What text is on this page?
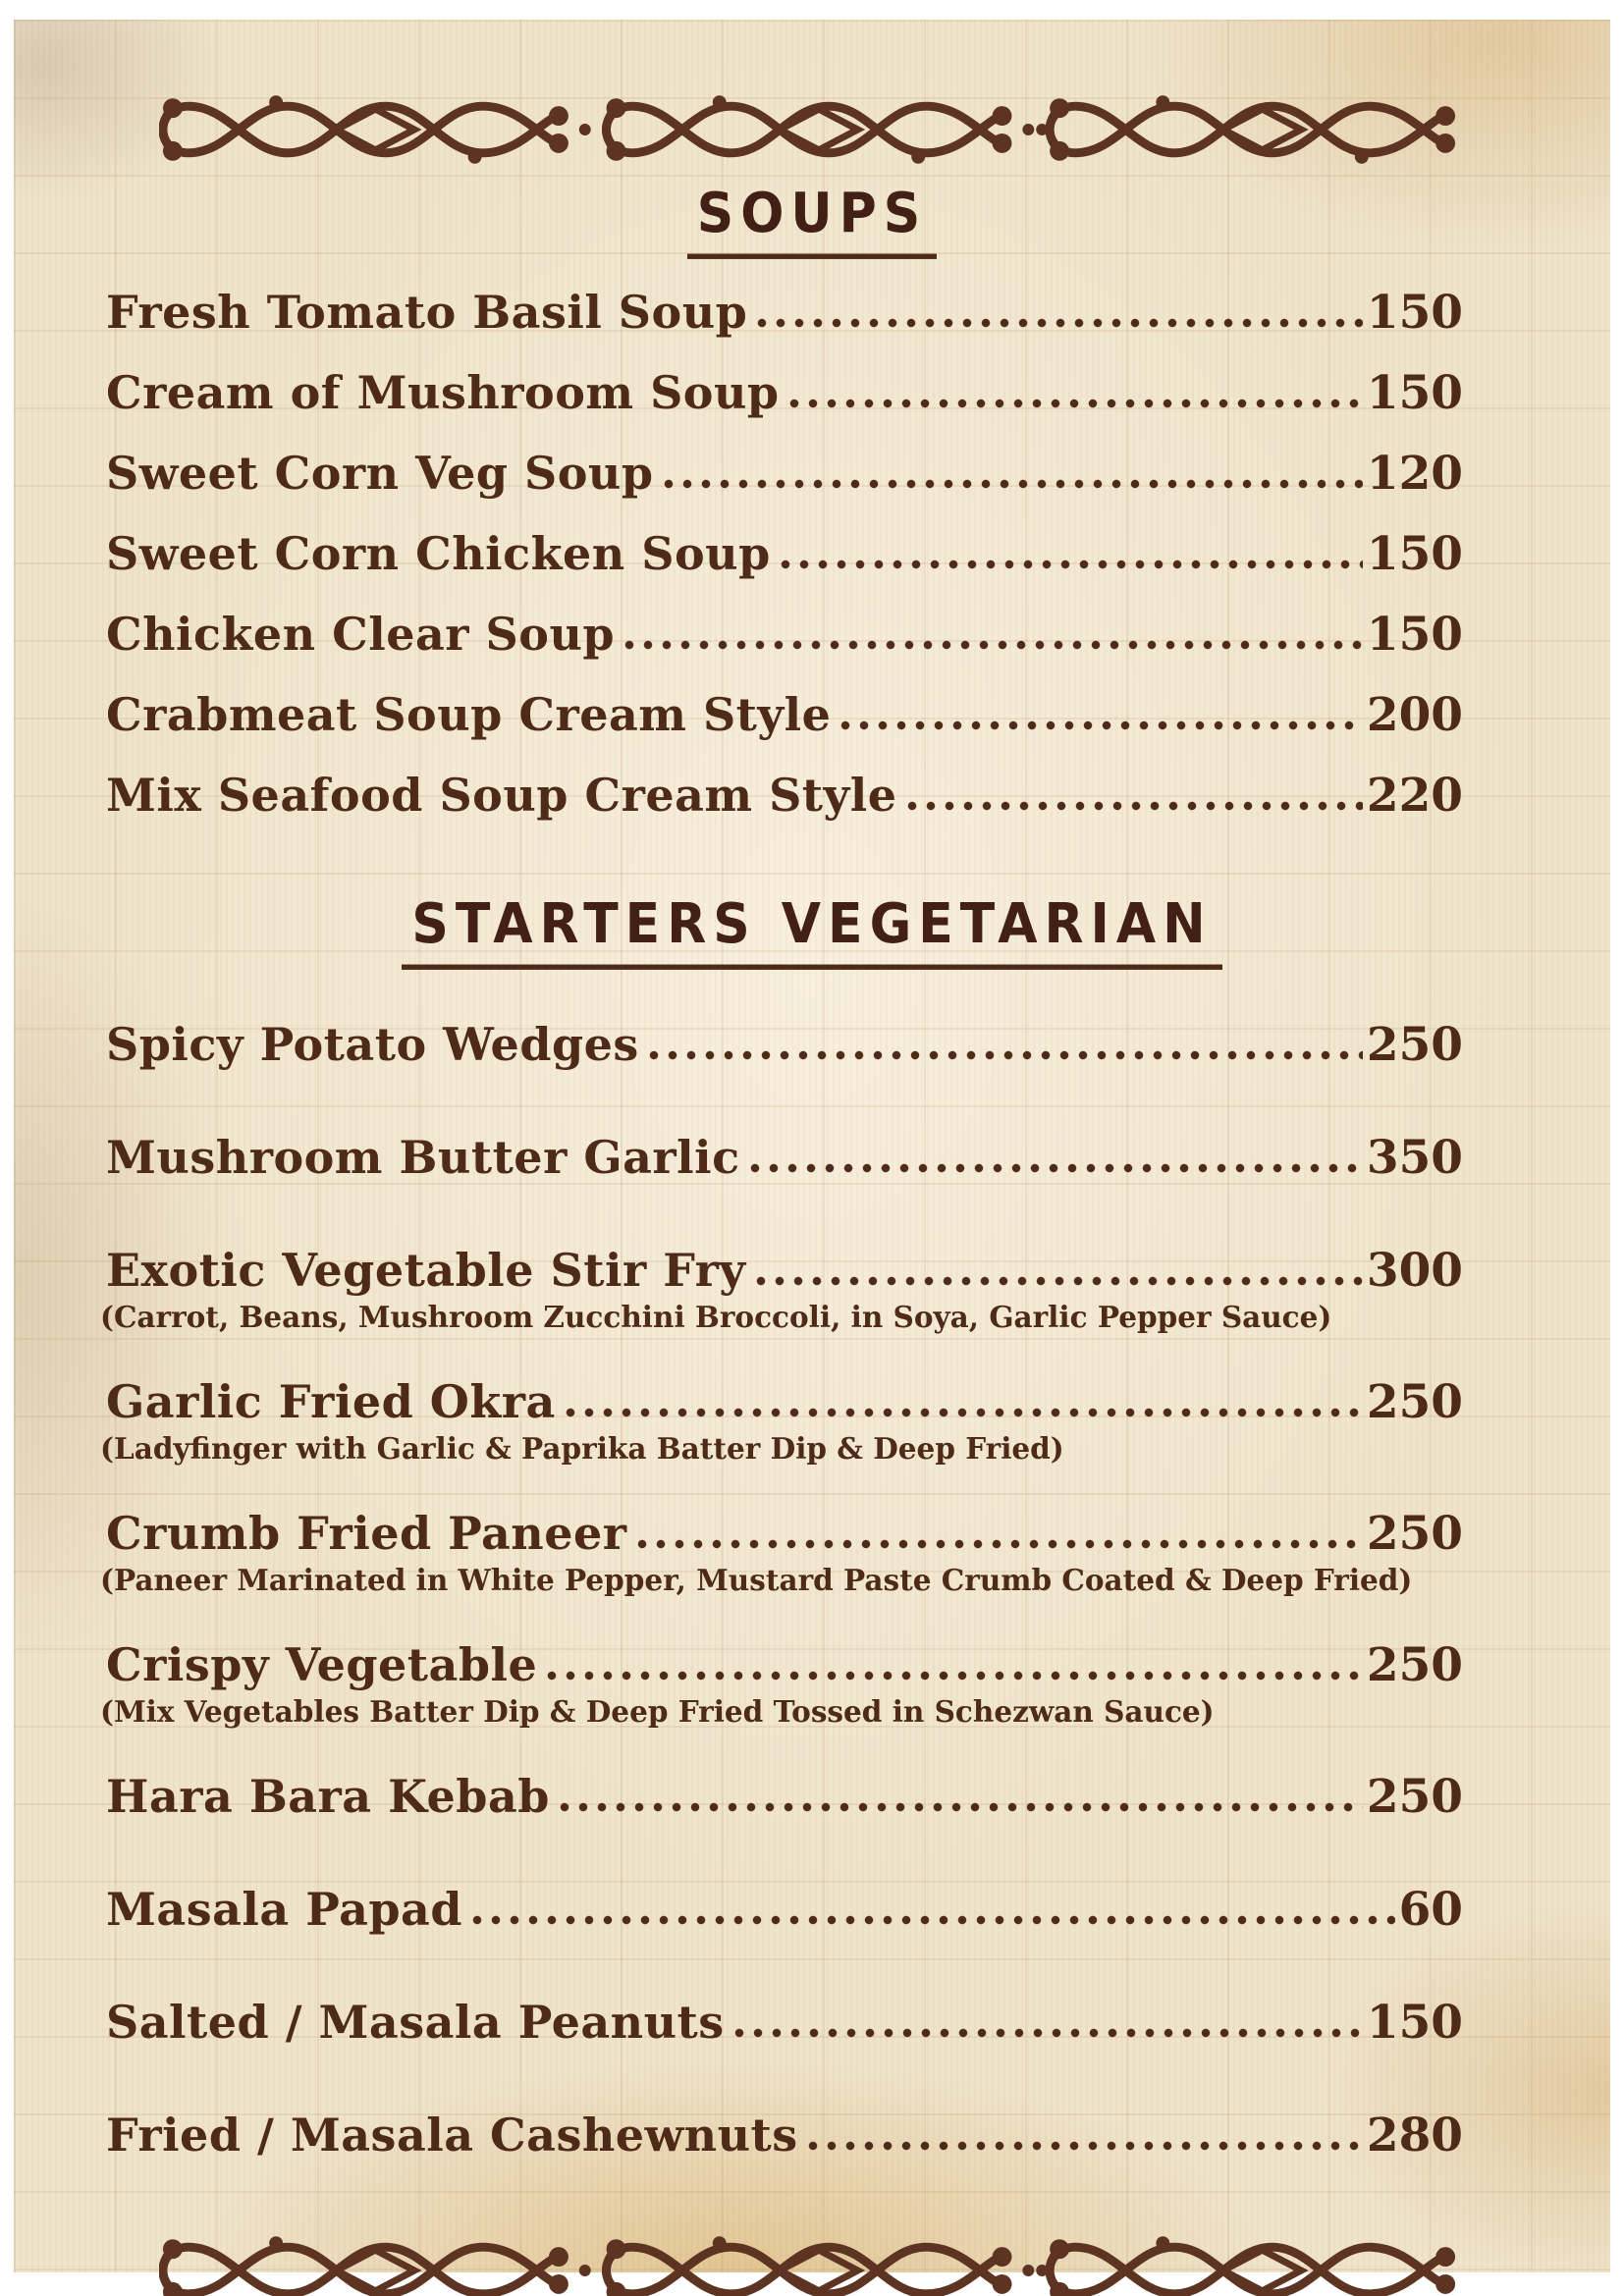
SOUPS
Fresh Tomato Basil Soup	150
Cream of Mushroom Soup	150
Sweet Corn Veg Soup	120
Sweet Corn Chicken Soup	150
Chicken Clear Soup	150
Crabmeat Soup Cream Style	200
Mix Seafood Soup Cream Style	220
STARTERS VEGETARIAN
Spicy Potato Wedges	250
Mushroom Butter Garlic	350
Exotic Vegetable Stir Fry	300
(Carrot, Beans, Mushroom Zucchini Broccoli, in Soya, Garlic Pepper Sauce)
Garlic Fried Okra	250
(Ladyfinger with Garlic & Paprika Batter Dip & Deep Fried)
Crumb Fried Paneer	250
(Paneer Marinated in White Pepper, Mustard Paste Crumb Coated & Deep Fried)
Crispy Vegetable	250
(Mix Vegetables Batter Dip & Deep Fried Tossed in Schezwan Sauce)
Hara Bara Kebab	250
Masala Papad	60
Salted / Masala Peanuts	150
Fried / Masala Cashewnuts	280
